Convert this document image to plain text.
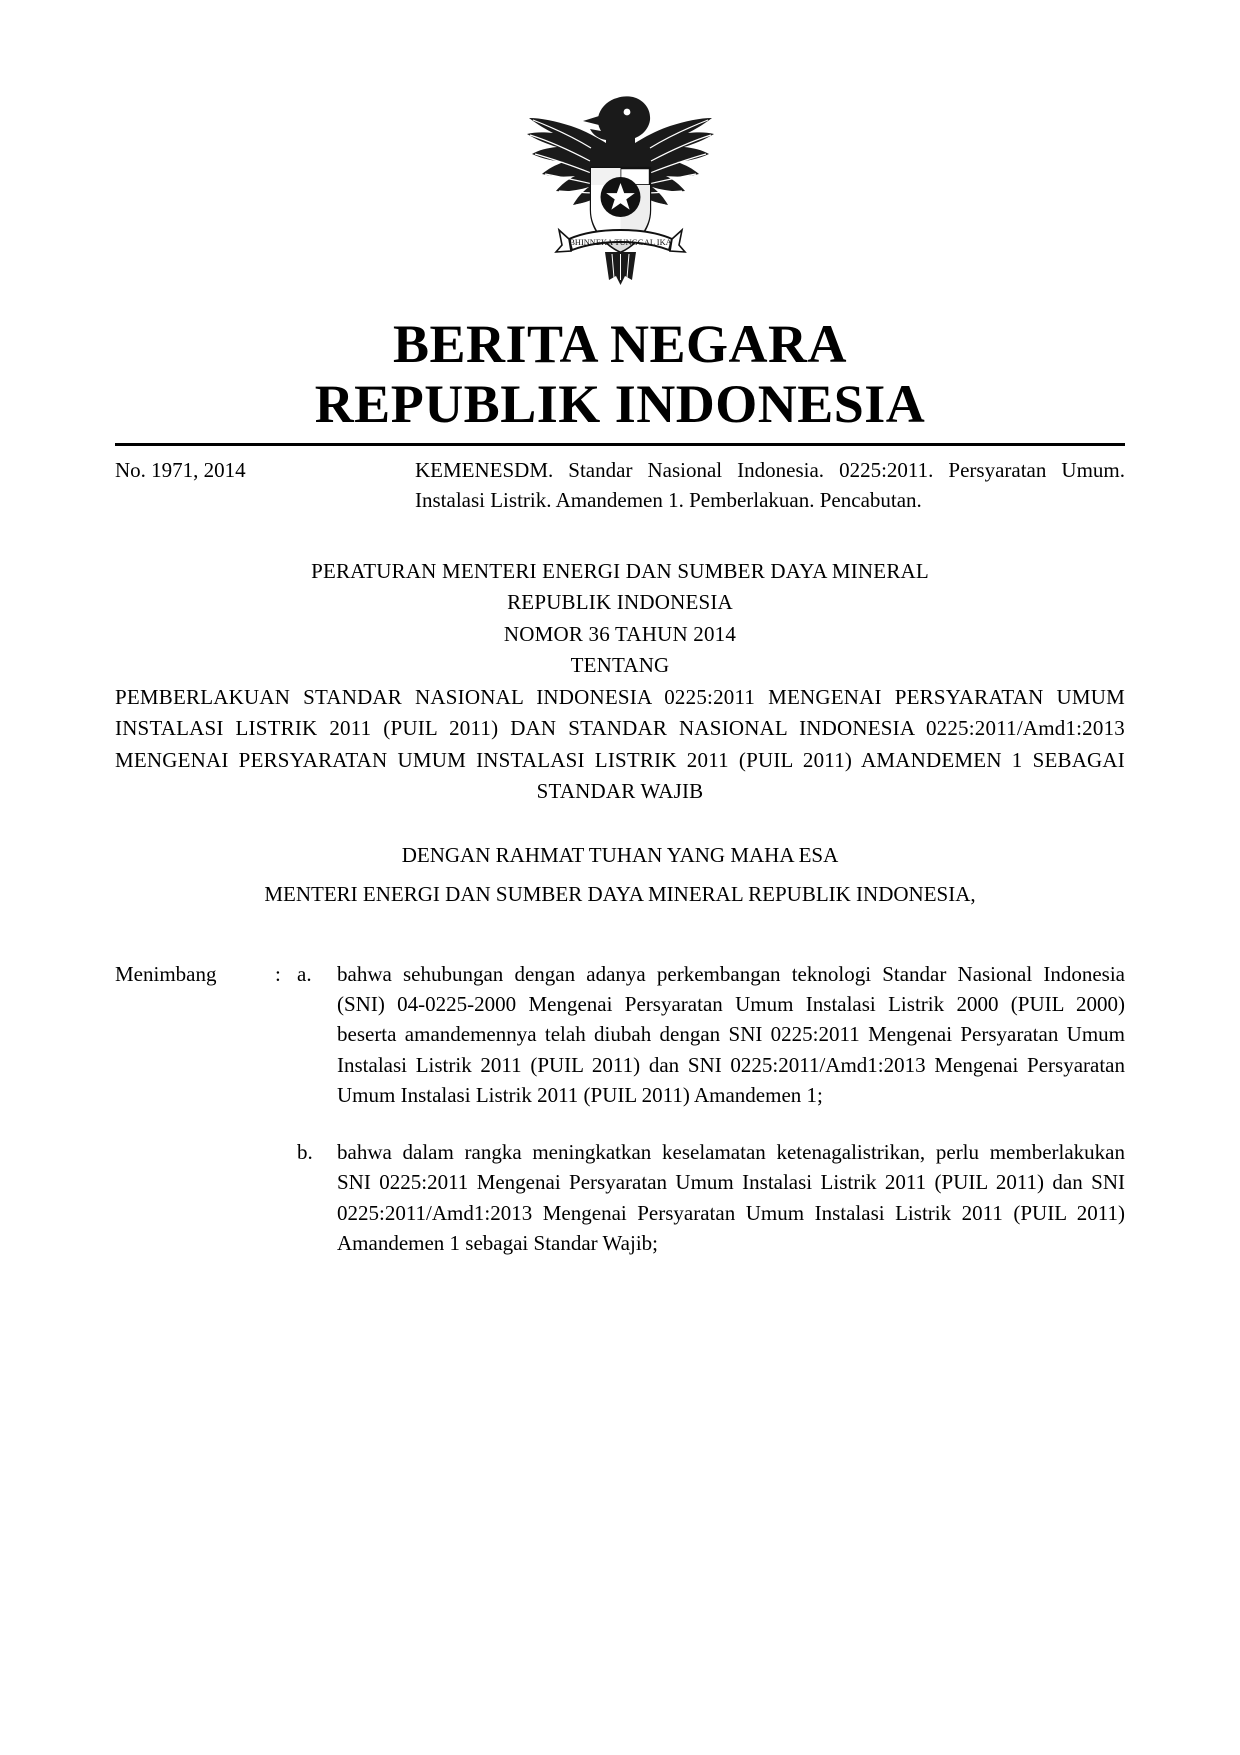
BHINNEKA TUNGGAL IKA
BERITA NEGARA
REPUBLIK INDONESIA
No. 1971, 2014	KEMENESDM. Standar Nasional Indonesia. 0225:2011. Persyaratan Umum. Instalasi Listrik. Amandemen 1. Pemberlakuan. Pencabutan.
PERATURAN MENTERI ENERGI DAN SUMBER DAYA MINERAL
REPUBLIK INDONESIA
NOMOR 36 TAHUN 2014
TENTANG
PEMBERLAKUAN STANDAR NASIONAL INDONESIA 0225:2011 MENGENAI PERSYARATAN UMUM INSTALASI LISTRIK 2011 (PUIL 2011) DAN STANDAR NASIONAL INDONESIA 0225:2011/Amd1:2013 MENGENAI PERSYARATAN UMUM INSTALASI LISTRIK 2011 (PUIL 2011) AMANDEMEN 1 SEBAGAI STANDAR WAJIB
DENGAN RAHMAT TUHAN YANG MAHA ESA
MENTERI ENERGI DAN SUMBER DAYA MINERAL REPUBLIK INDONESIA,
Menimbang	: a.	bahwa sehubungan dengan adanya perkembangan teknologi Standar Nasional Indonesia (SNI) 04-0225-2000 Mengenai Persyaratan Umum Instalasi Listrik 2000 (PUIL 2000) beserta amandemennya telah diubah dengan SNI 0225:2011 Mengenai Persyaratan Umum Instalasi Listrik 2011 (PUIL 2011) dan SNI 0225:2011/Amd1:2013 Mengenai Persyaratan Umum Instalasi Listrik 2011 (PUIL 2011) Amandemen 1;
b.	bahwa dalam rangka meningkatkan keselamatan ketenagalistrikan, perlu memberlakukan SNI 0225:2011 Mengenai Persyaratan Umum Instalasi Listrik 2011 (PUIL 2011) dan SNI 0225:2011/Amd1:2013 Mengenai Persyaratan Umum Instalasi Listrik 2011 (PUIL 2011) Amandemen 1 sebagai Standar Wajib;
